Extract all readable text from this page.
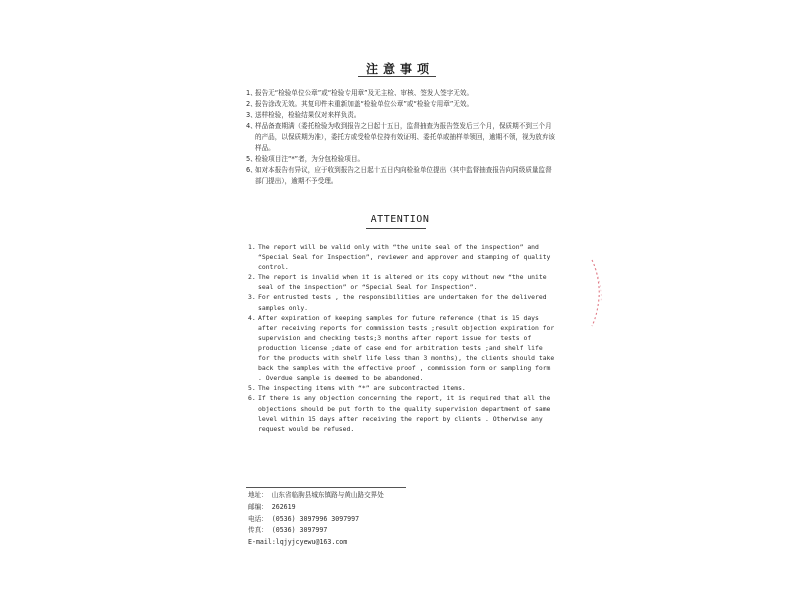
注意事项
1、
报告无“检验单位公章”或“检验专用章”及无主检、审核、签发人签字无效。
2、
报告涂改无效。其复印件未重新加盖“检验单位公章”或“检验专用章”无效。
3、
送样检验，检验结果仅对来样负责。
4、
样品备查期满（委托检验为收到报告之日起十五日，监督抽查为报告签发后三个月，保质期不到三个月的产品，以保质期为准），委托方或受检单位持有效证明、委托单或抽样单领回，逾期不领，视为放弃该样品。
5、
检验项目注“*”者，为分包检验项目。
6、
如对本报告有异议，应于收到报告之日起十五日内向检验单位提出（其中监督抽查报告向同级质量监督部门提出），逾期不予受理。
ATTENTION
1. The report will be valid only with “the unite seal of the inspection” and “Special Seal for Inspection”, reviewer and approver and stamping of quality control.
2. The report is invalid when it is altered or its copy without new “the unite seal of the inspection” or “Special Seal for Inspection”.
3. For entrusted tests , the responsibilities are undertaken for the delivered samples only.
4. After expiration of keeping samples for future reference (that is 15 days after receiving reports for commission tests ;result objection expiration for supervision and checking tests;3 months after report issue for tests of production license ;date of case end for arbitration tests ;and shelf life for the products with shelf life less than 3 months), the clients should take back the samples with the effective proof , commission form or sampling form . Overdue sample is deemed to be abandoned.
5. The inspecting items with “*” are subcontracted items.
6. If there is any objection concerning the report, it is required that all the objections should be put forth to the quality supervision department of same level within 15 days after receiving the report by clients . Otherwise any request would be refused.
地址： 山东省临朐县城东镇路与黄山路交界处
邮编： 262619
电话： (0536) 3097996 3097997
传真： (0536) 3097997
E-mail:lqjyjcyewu@163.com
